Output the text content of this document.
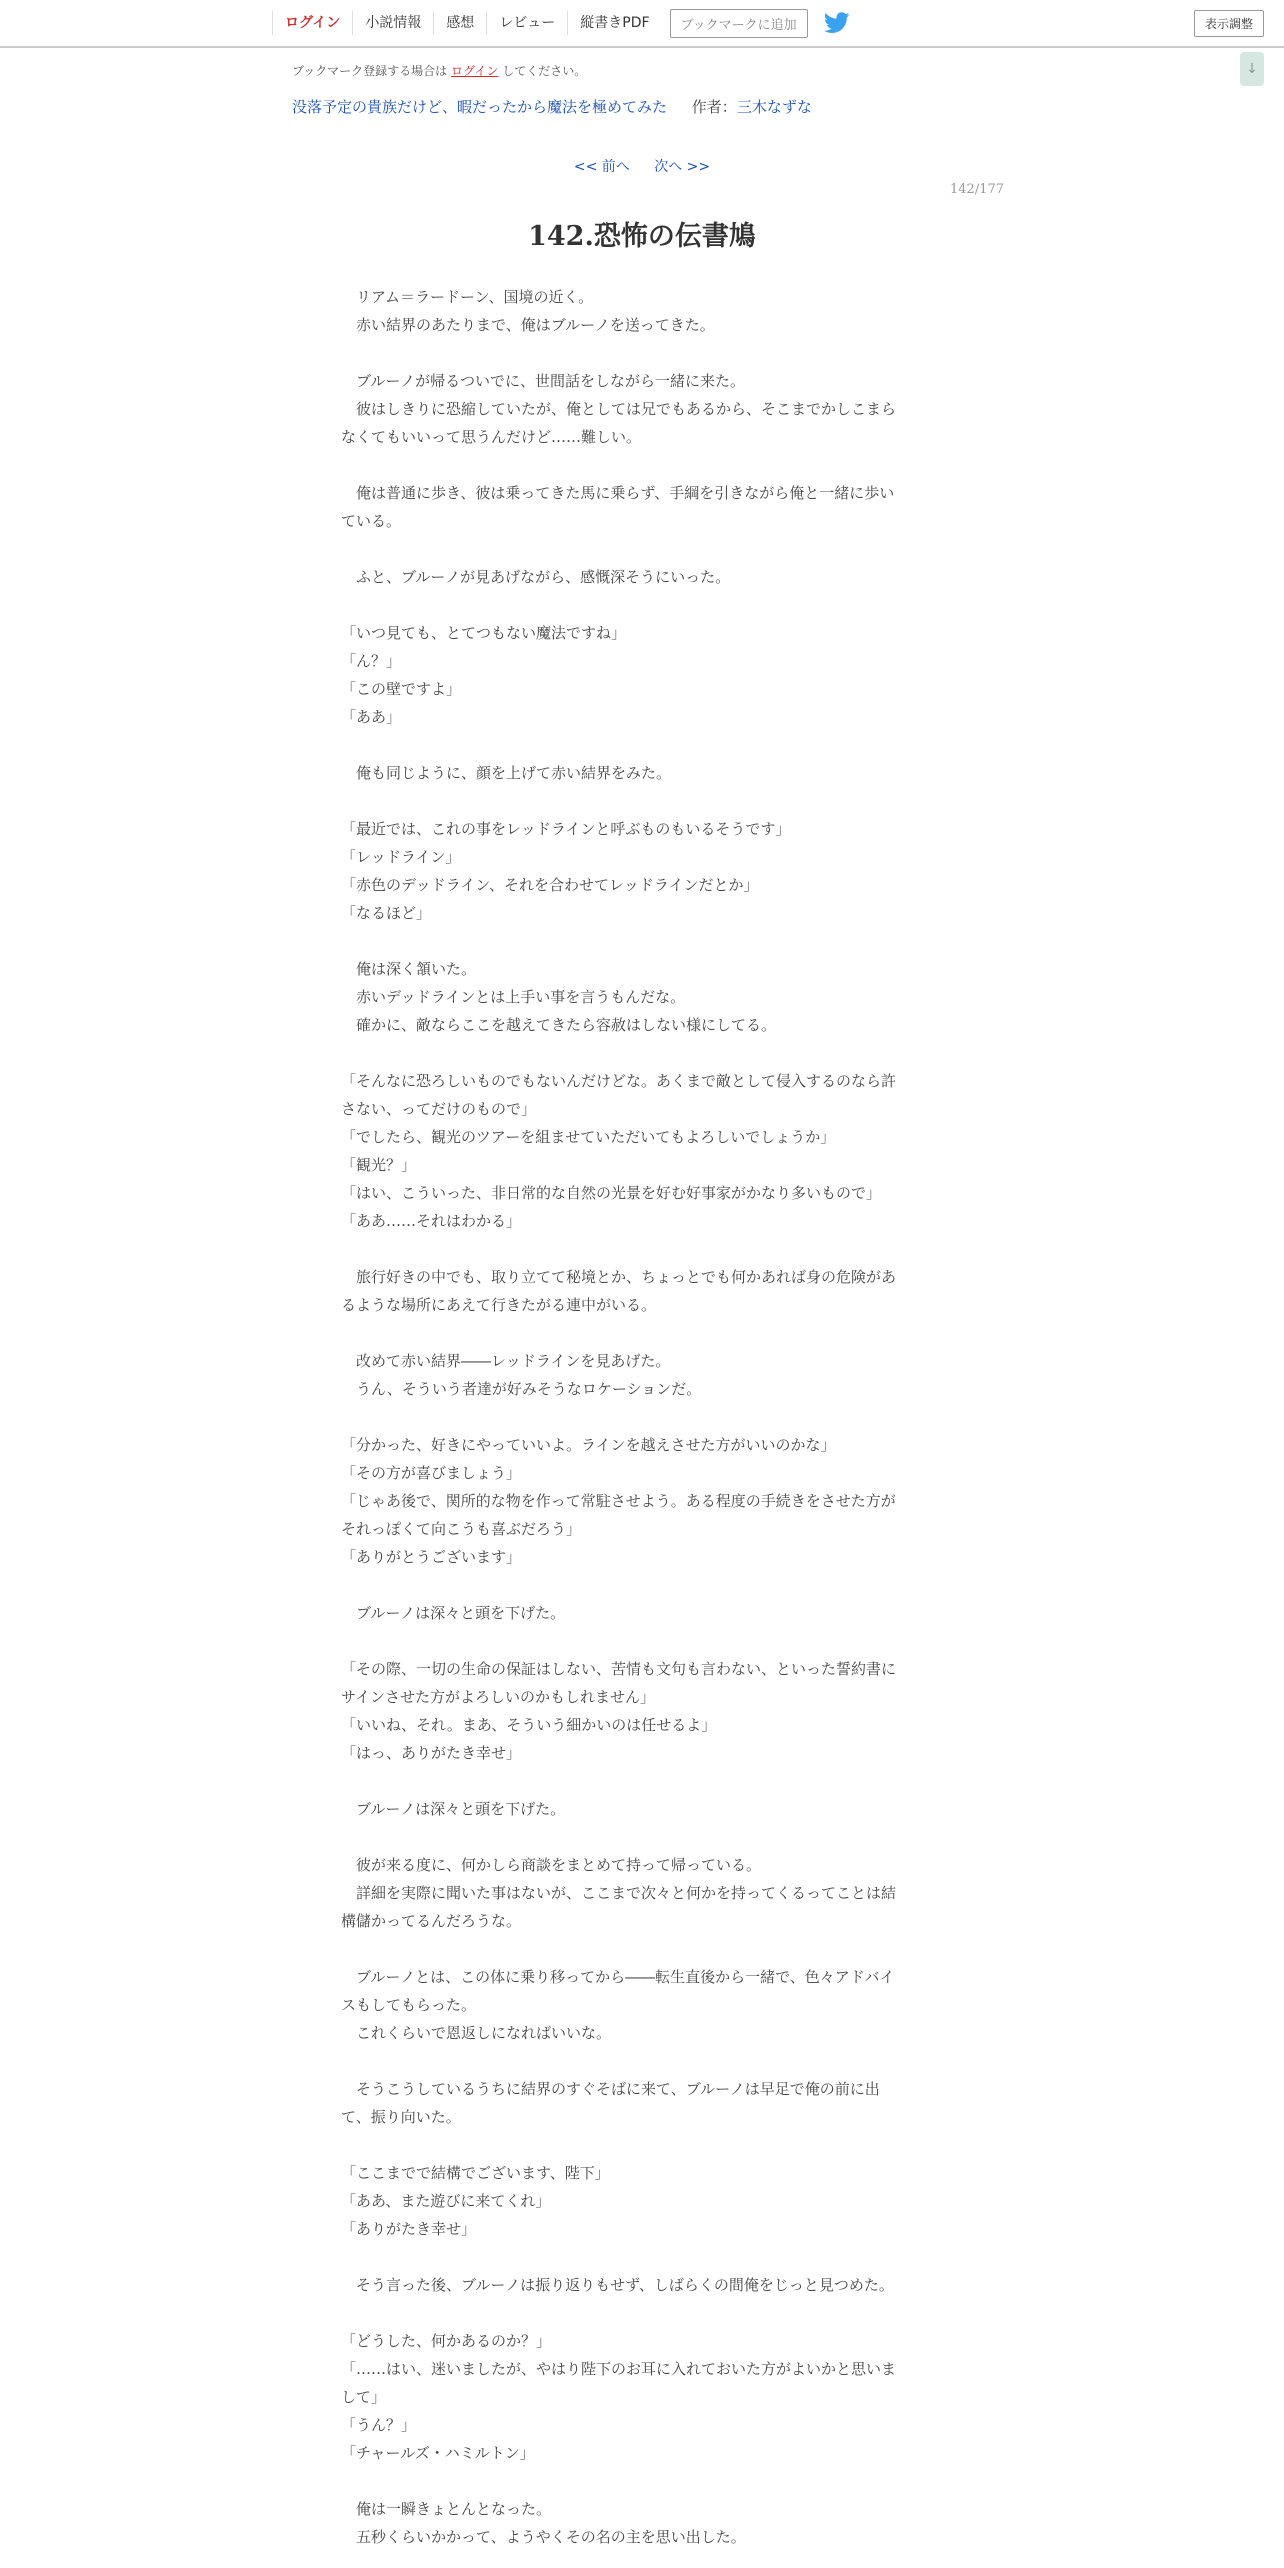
ログイン	小説情報	感想	レビュー	縦書きPDF	ブックマークに追加	表示調整
↓
ブックマーク登録する場合は ログイン してください。
没落予定の貴族だけど、暇だったから魔法を極めてみた 作者：三木なずな
<< 前へ 次へ >>
142/177
142.恐怖の伝書鳩

　リアム＝ラードーン、国境の近く。

　赤い結界のあたりまで、俺はブルーノを送ってきた。

　ブルーノが帰るついでに、世間話をしながら一緒に来た。

　彼はしきりに恐縮していたが、俺としては兄でもあるから、そこまでかしこまら

なくてもいいって思うんだけど……難しい。

　俺は普通に歩き、彼は乗ってきた馬に乗らず、手綱を引きながら俺と一緒に歩い

ている。

　ふと、ブルーノが見あげながら、感慨深そうにいった。

「いつ見ても、とてつもない魔法ですね」

「ん？」

「この壁ですよ」

「ああ」

　俺も同じように、顔を上げて赤い結界をみた。

「最近では、これの事をレッドラインと呼ぶものもいるそうです」

「レッドライン」

「赤色のデッドライン、それを合わせてレッドラインだとか」

「なるほど」

　俺は深く頷いた。

　赤いデッドラインとは上手い事を言うもんだな。

　確かに、敵ならここを越えてきたら容赦はしない様にしてる。

「そんなに恐ろしいものでもないんだけどな。あくまで敵として侵入するのなら許

さない、ってだけのもので」

「でしたら、観光のツアーを組ませていただいてもよろしいでしょうか」

「観光？」

「はい、こういった、非日常的な自然の光景を好む好事家がかなり多いもので」

「ああ……それはわかる」

　旅行好きの中でも、取り立てて秘境とか、ちょっとでも何かあれば身の危険があ

るような場所にあえて行きたがる連中がいる。

　改めて赤い結界――レッドラインを見あげた。

　うん、そういう者達が好みそうなロケーションだ。

「分かった、好きにやっていいよ。ラインを越えさせた方がいいのかな」

「その方が喜びましょう」

「じゃあ後で、関所的な物を作って常駐させよう。ある程度の手続きをさせた方が

それっぽくて向こうも喜ぶだろう」

「ありがとうございます」

　ブルーノは深々と頭を下げた。

「その際、一切の生命の保証はしない、苦情も文句も言わない、といった誓約書に

サインさせた方がよろしいのかもしれません」

「いいね、それ。まあ、そういう細かいのは任せるよ」

「はっ、ありがたき幸せ」

　ブルーノは深々と頭を下げた。

　彼が来る度に、何かしら商談をまとめて持って帰っている。

　詳細を実際に聞いた事はないが、ここまで次々と何かを持ってくるってことは結

構儲かってるんだろうな。

　ブルーノとは、この体に乗り移ってから――転生直後から一緒で、色々アドバイ

スもしてもらった。

　これくらいで恩返しになればいいな。

　そうこうしているうちに結界のすぐそばに来て、ブルーノは早足で俺の前に出

て、振り向いた。

「ここまでで結構でございます、陛下」

「ああ、また遊びに来てくれ」

「ありがたき幸せ」

　そう言った後、ブルーノは振り返りもせず、しばらくの間俺をじっと見つめた。

「どうした、何かあるのか？」

「……はい、迷いましたが、やはり陛下のお耳に入れておいた方がよいかと思いま

して」

「うん？」

「チャールズ・ハミルトン」

　俺は一瞬きょとんとなった。

　五秒くらいかかって、ようやくその名の主を思い出した。
